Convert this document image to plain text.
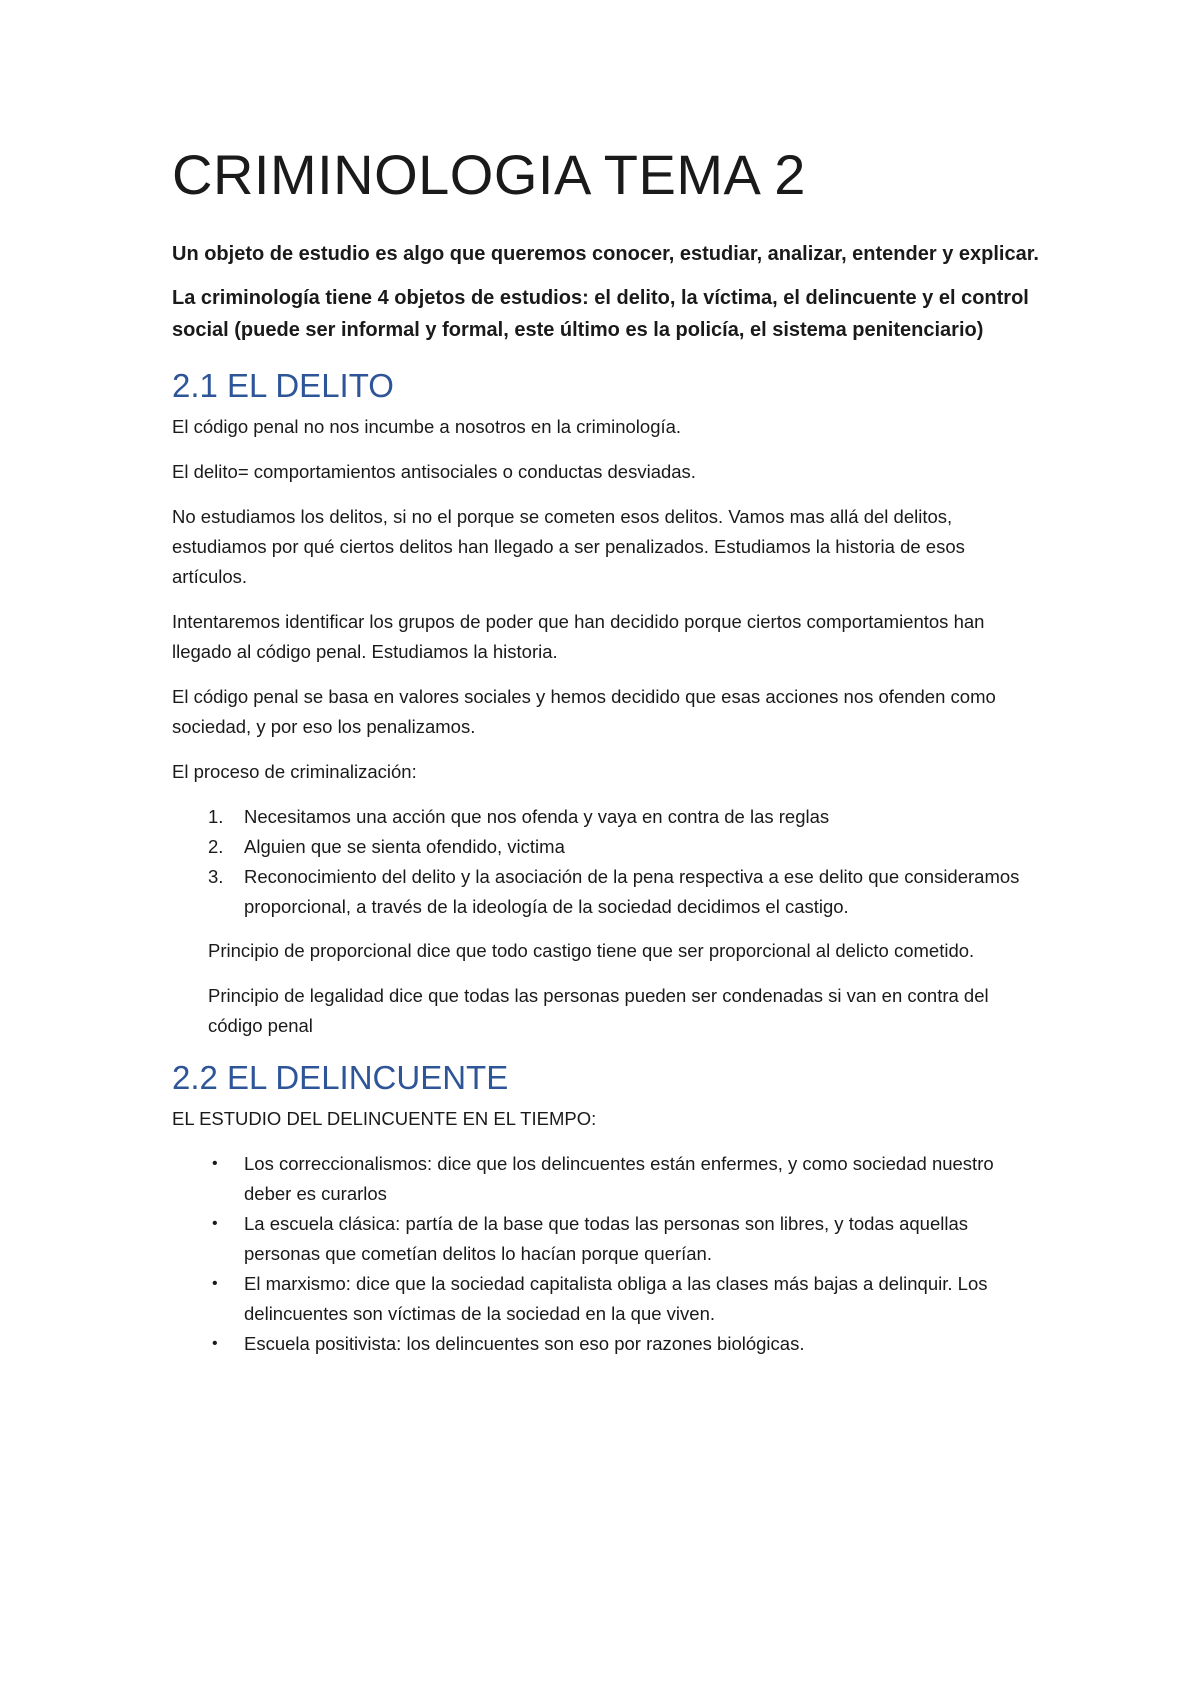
CRIMINOLOGIA TEMA 2

Un objeto de estudio es algo que queremos conocer, estudiar, analizar, entender y explicar.

La criminología tiene 4 objetos de estudios: el delito, la víctima, el delincuente y el control social (puede ser informal y formal, este último es la policía, el sistema penitenciario)

2.1 EL DELITO

El código penal no nos incumbe a nosotros en la criminología.

El delito= comportamientos antisociales o conductas desviadas.

No estudiamos los delitos, si no el porque se cometen esos delitos. Vamos mas allá del delitos, estudiamos por qué ciertos delitos han llegado a ser penalizados. Estudiamos la historia de esos artículos.

Intentaremos identificar los grupos de poder que han decidido porque ciertos comportamientos han llegado al código penal. Estudiamos la historia.

El código penal se basa en valores sociales y hemos decidido que esas acciones nos ofenden como sociedad, y por eso los penalizamos.

El proceso de criminalización:

1. Necesitamos una acción que nos ofenda y vaya en contra de las reglas
2. Alguien que se sienta ofendido, victima
3. Reconocimiento del delito y la asociación de la pena respectiva a ese delito que consideramos proporcional, a través de la ideología de la sociedad decidimos el castigo.

Principio de proporcional dice que todo castigo tiene que ser proporcional al delicto cometido.

Principio de legalidad dice que todas las personas pueden ser condenadas si van en contra del código penal

2.2 EL DELINCUENTE

EL ESTUDIO DEL DELINCUENTE EN EL TIEMPO:

• Los correccionalismos: dice que los delincuentes están enfermes, y como sociedad nuestro deber es curarlos
• La escuela clásica: partía de la base que todas las personas son libres, y todas aquellas personas que cometían delitos lo hacían porque querían.
• El marxismo: dice que la sociedad capitalista obliga a las clases más bajas a delinquir. Los delincuentes son víctimas de la sociedad en la que viven.
• Escuela positivista: los delincuentes son eso por razones biológicas.
